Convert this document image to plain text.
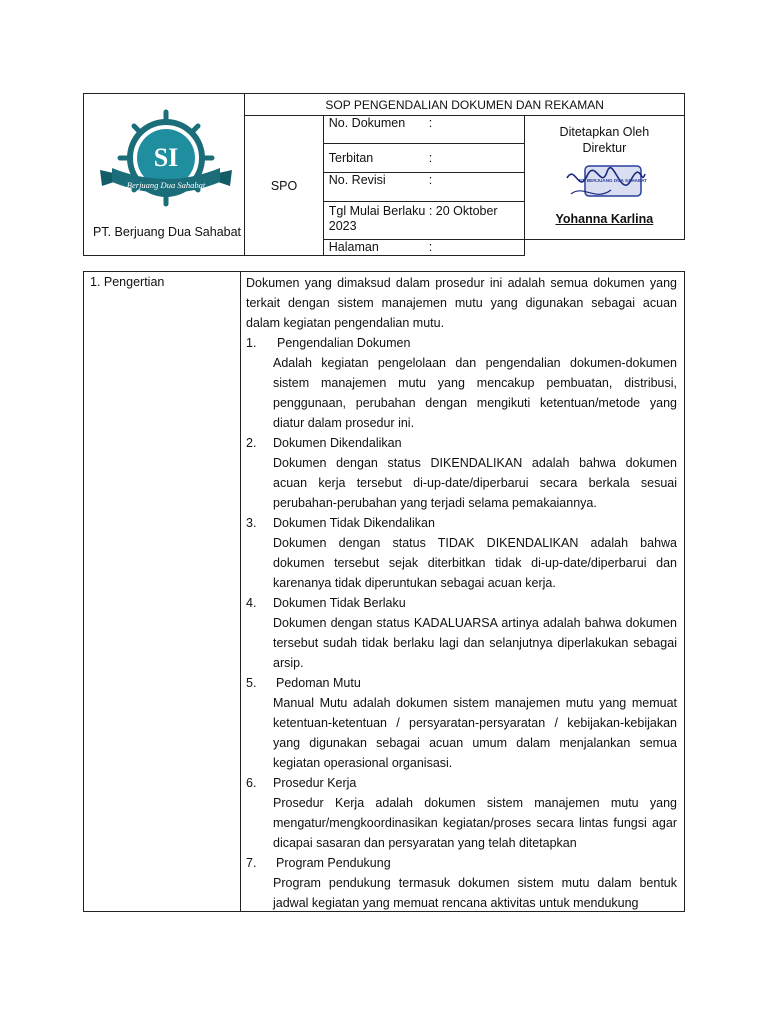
SI
Berjuang Dua Sahabat
PT. Berjuang Dua Sahabat	SOP PENGENDALIAN DOKUMEN DAN REKAMAN		
	SPO	No. Dokumen :	Ditetapkan Oleh
Direktur
PT. BERJUANG DUA SAHABAT
Yohanna Karlina

		Terbitan :	
		No. Revisi :	
		Tgl Mulai Berlaku : 20 Oktober 2023	
		Halaman :	
1. Pengertian	Dokumen yang dimaksud dalam prosedur ini adalah semua dokumen yang terkait dengan sistem manajemen mutu yang digunakan sebagai acuan dalam kegiatan pengendalian mutu.
1. Pengendalian Dokumen
Adalah kegiatan pengelolaan dan pengendalian dokumen-dokumen sistem manajemen mutu yang mencakup pembuatan, distribusi, penggunaan, perubahan dengan mengikuti ketentuan/metode yang diatur dalam prosedur ini.
2. Dokumen Dikendalikan
Dokumen dengan status DIKENDALIKAN adalah bahwa dokumen acuan kerja tersebut di-up-date/diperbarui secara berkala sesuai perubahan-perubahan yang terjadi selama pemakaiannya.
3. Dokumen Tidak Dikendalikan
Dokumen dengan status TIDAK DIKENDALIKAN adalah bahwa dokumen tersebut sejak diterbitkan tidak di-up-date/diperbarui dan karenanya tidak diperuntukan sebagai acuan kerja.
4. Dokumen Tidak Berlaku
Dokumen dengan status KADALUARSA artinya adalah bahwa dokumen tersebut sudah tidak berlaku lagi dan selanjutnya diperlakukan sebagai arsip.
5. Pedoman Mutu
Manual Mutu adalah dokumen sistem manajemen mutu yang memuat ketentuan-ketentuan / persyaratan-persyaratan / kebijakan-kebijakan yang digunakan sebagai acuan umum dalam menjalankan semua kegiatan operasional organisasi.
6. Prosedur Kerja
Prosedur Kerja adalah dokumen sistem manajemen mutu yang mengatur/mengkoordinasikan kegiatan/proses secara lintas fungsi agar dicapai sasaran dan persyaratan yang telah ditetapkan
7. Program Pendukung
Program pendukung termasuk dokumen sistem mutu dalam bentuk jadwal kegiatan yang memuat rencana aktivitas untuk mendukung
